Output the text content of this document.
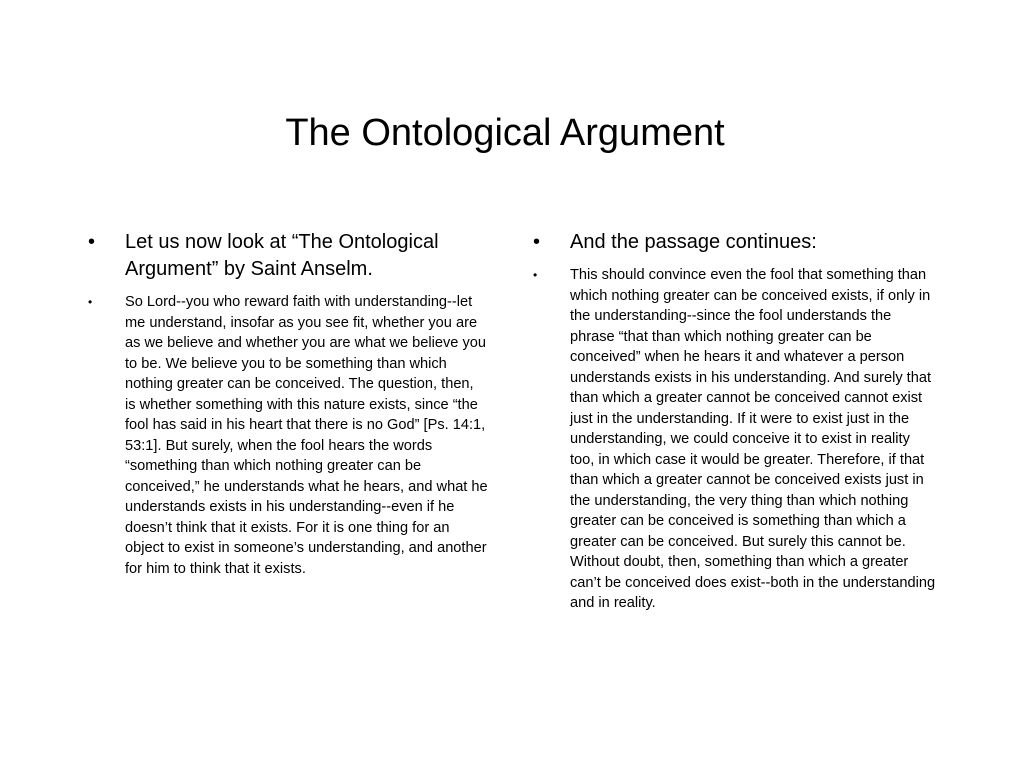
The Ontological Argument
• Let us now look at “The Ontological Argument” by Saint Anselm.
• So Lord--you who reward faith with understanding--let me understand, insofar as you see fit, whether you are as we believe and whether you are what we believe you to be. We believe you to be something than which nothing greater can be conceived. The question, then, is whether something with this nature exists, since “the fool has said in his heart that there is no God” [Ps. 14:1, 53:1]. But surely, when the fool hears the words “something than which nothing greater can be conceived,” he understands what he hears, and what he understands exists in his understanding--even if he doesn’t think that it exists. For it is one thing for an object to exist in someone’s understanding, and another for him to think that it exists.
• And the passage continues:
• This should convince even the fool that something than which nothing greater can be conceived exists, if only in the understanding--since the fool understands the phrase “that than which nothing greater can be conceived” when he hears it and whatever a person understands exists in his understanding. And surely that than which a greater cannot be conceived cannot exist just in the understanding. If it were to exist just in the understanding, we could conceive it to exist in reality too, in which case it would be greater. Therefore, if that than which a greater cannot be conceived exists just in the understanding, the very thing than which nothing greater can be conceived is something than which a greater can be conceived. But surely this cannot be. Without doubt, then, something than which a greater can’t be conceived does exist--both in the understanding and in reality.
